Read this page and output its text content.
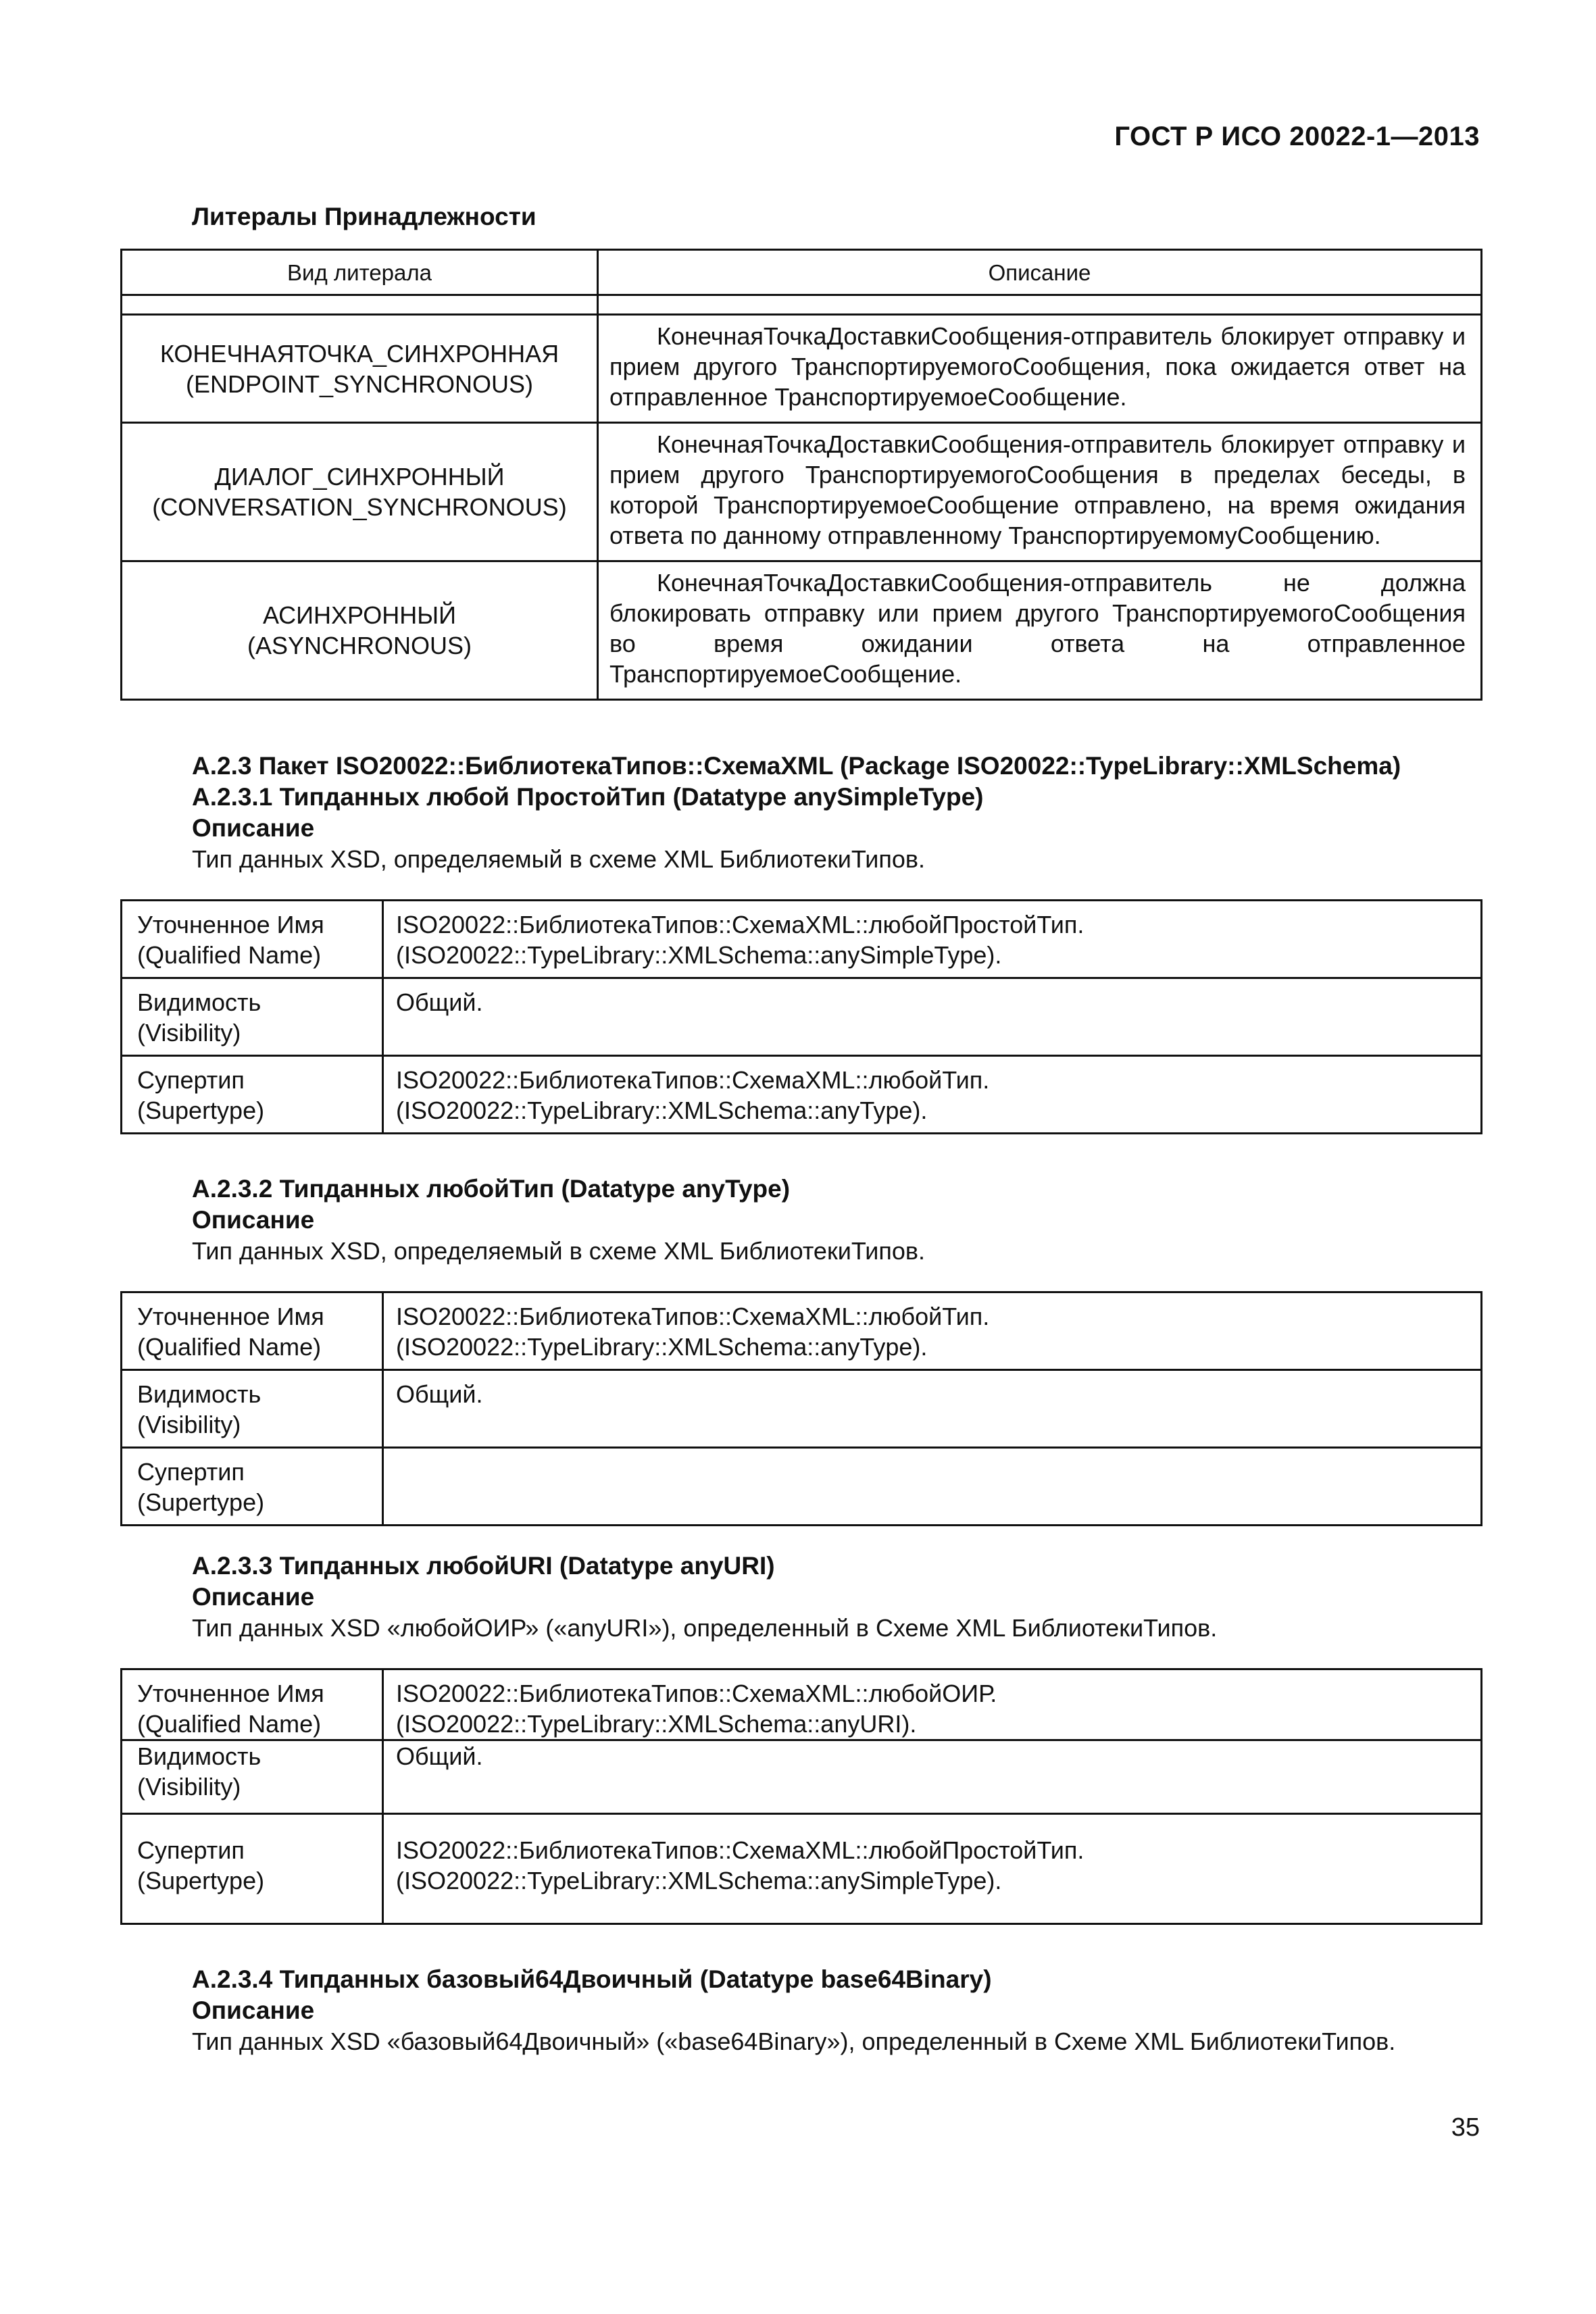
ГОСТ Р ИСО 20022-1—2013
Литералы Принадлежности
Вид литерала	Описание

КОНЕЧНАЯТОЧКА_СИНХРОННАЯ
(ENDPOINT_SYNCHRONOUS)	КонечнаяТочкаДоставкиСообщения-отправитель блокирует отправку и прием другого ТранспортируемогоСообщения, пока ожидается ответ на отправленное ТранспортируемоеСообщение.

ДИАЛОГ_СИНХРОННЫЙ
(CONVERSATION_SYNCHRONOUS)	КонечнаяТочкаДоставкиСообщения-отправитель блокирует отправку и прием другого ТранспортируемогоСообщения в пределах беседы, в которой ТранспортируемоеСообщение отправлено, на время ожидания ответа по данному отправленному ТранспортируемомуСообщению.

АСИНХРОННЫЙ
(ASYNCHRONOUS)	КонечнаяТочкаДоставкиСообщения-отправитель не должна блокировать отправку или прием другого ТранспортируемогоСообщения во время ожидании ответа на отправленное ТранспортируемоеСообщение.
А.2.3 Пакет ISO20022::БиблиотекаТипов::СхемаXML (Package ISO20022::TypeLibrary::XMLSchema)
А.2.3.1 Типданных любой ПростойТип (Datatype anySimpleType)
Описание
Тип данных XSD, определяемый в схеме XML БиблиотекиТипов.
Уточненное Имя
(Qualified Name)	ISO20022::БиблиотекаТипов::СхемаXML::любойПростойТип.
(ISO20022::TypeLibrary::XMLSchema::anySimpleType).

Видимость
(Visibility)	Общий.

Супертип
(Supertype)	ISO20022::БиблиотекаТипов::СхемаXML::любойТип.
(ISO20022::TypeLibrary::XMLSchema::anyType).
А.2.3.2 Типданных любойТип (Datatype anyType)
Описание
Тип данных XSD, определяемый в схеме XML БиблиотекиТипов.
Уточненное Имя
(Qualified Name)	ISO20022::БиблиотекаТипов::СхемаXML::любойТип.
(ISO20022::TypeLibrary::XMLSchema::anyType).

Видимость
(Visibility)	Общий.

Супертип
(Supertype)	

А.2.3.3 Типданных любойURI (Datatype anyURI)
Описание
Тип данных XSD «любойОИР» («anyURI»), определенный в Схеме XML БиблиотекиТипов.
Уточненное Имя
(Qualified Name)	ISO20022::БиблиотекаТипов::СхемаXML::любойОИР.
(ISO20022::TypeLibrary::XMLSchema::anyURI).

Видимость
(Visibility)	Общий.

Супертип
(Supertype)	ISO20022::БиблиотекаТипов::СхемаXML::любойПростойТип.
(ISO20022::TypeLibrary::XMLSchema::anySimpleType).
А.2.3.4 Типданных базовый64Двоичный (Datatype base64Binary)
Описание
Тип данных XSD «базовый64Двоичный» («base64Binary»), определенный в Схеме XML БиблиотекиТипов.
35
